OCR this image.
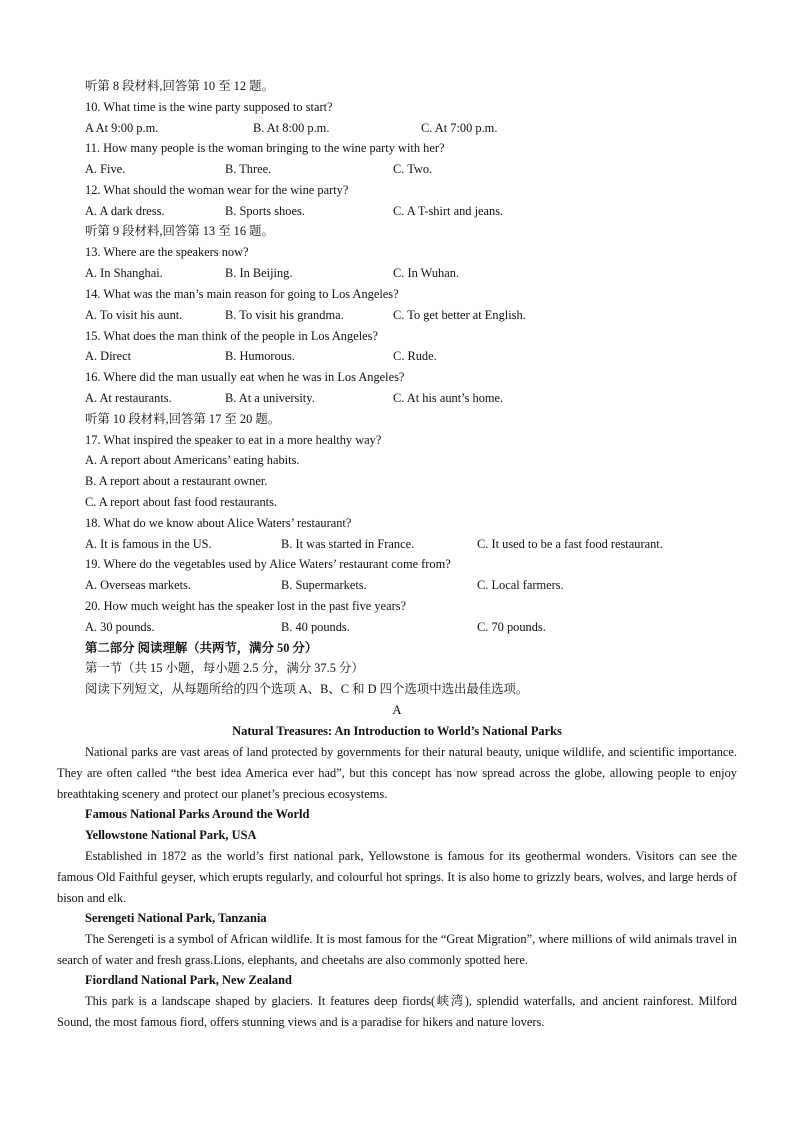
听第 8 段材料,回答第 10 至 12 题。
10. What time is the wine party supposed to start?
A At 9:00 p.m.	B. At 8:00 p.m.	C. At 7:00 p.m.
11. How many people is the woman bringing to the wine party with her?
A. Five.	B. Three.	C. Two.
12. What should the woman wear for the wine party?
A. A dark dress.	B. Sports shoes.	C. A T-shirt and jeans.
听第 9 段材料,回答第 13 至 16 题。
13. Where are the speakers now?
A. In Shanghai.	B. In Beijing.	C. In Wuhan.
14. What was the man’s main reason for going to Los Angeles?
A. To visit his aunt.	B. To visit his grandma.	C. To get better at English.
15. What does the man think of the people in Los Angeles?
A. Direct	B. Humorous.	C. Rude.
16. Where did the man usually eat when he was in Los Angeles?
A. At restaurants.	B. At a university.	C. At his aunt’s home.
听第 10 段材料,回答第 17 至 20 题。
17. What inspired the speaker to eat in a more healthy way?
A. A report about Americans’ eating habits.
B. A report about a restaurant owner.
C. A report about fast food restaurants.
18. What do we know about Alice Waters’ restaurant?
A. It is famous in the US.	B. It was started in France.	C. It used to be a fast food restaurant.
19. Where do the vegetables used by Alice Waters’ restaurant come from?
A. Overseas markets.	B. Supermarkets.	C. Local farmers.
20. How much weight has the speaker lost in the past five years?
A. 30 pounds.	B. 40 pounds.	C. 70 pounds.
第二部分 阅读理解（共两节，满分 50 分）
第一节（共 15 小题，每小题 2.5 分，满分 37.5 分）
阅读下列短文，从每题所给的四个选项 A、B、C 和 D 四个选项中选出最佳选项。
A
Natural Treasures: An Introduction to World’s National Parks
National parks are vast areas of land protected by governments for their natural beauty, unique wildlife, and scientific importance. They are often called “the best idea America ever had”, but this concept has now spread across the globe, allowing people to enjoy breathtaking scenery and protect our planet’s precious ecosystems.
Famous National Parks Around the World
Yellowstone National Park, USA
Established in 1872 as the world’s first national park, Yellowstone is famous for its geothermal wonders. Visitors can see the famous Old Faithful geyser, which erupts regularly, and colourful hot springs. It is also home to grizzly bears, wolves, and large herds of bison and elk.
Serengeti National Park, Tanzania
The Serengeti is a symbol of African wildlife. It is most famous for the “Great Migration”, where millions of wild animals travel in search of water and fresh grass.Lions, elephants, and cheetahs are also commonly spotted here.
Fiordland National Park, New Zealand
This park is a landscape shaped by glaciers. It features deep fiords(峡湾), splendid waterfalls, and ancient rainforest. Milford Sound, the most famous fiord, offers stunning views and is a paradise for hikers and nature lovers.
